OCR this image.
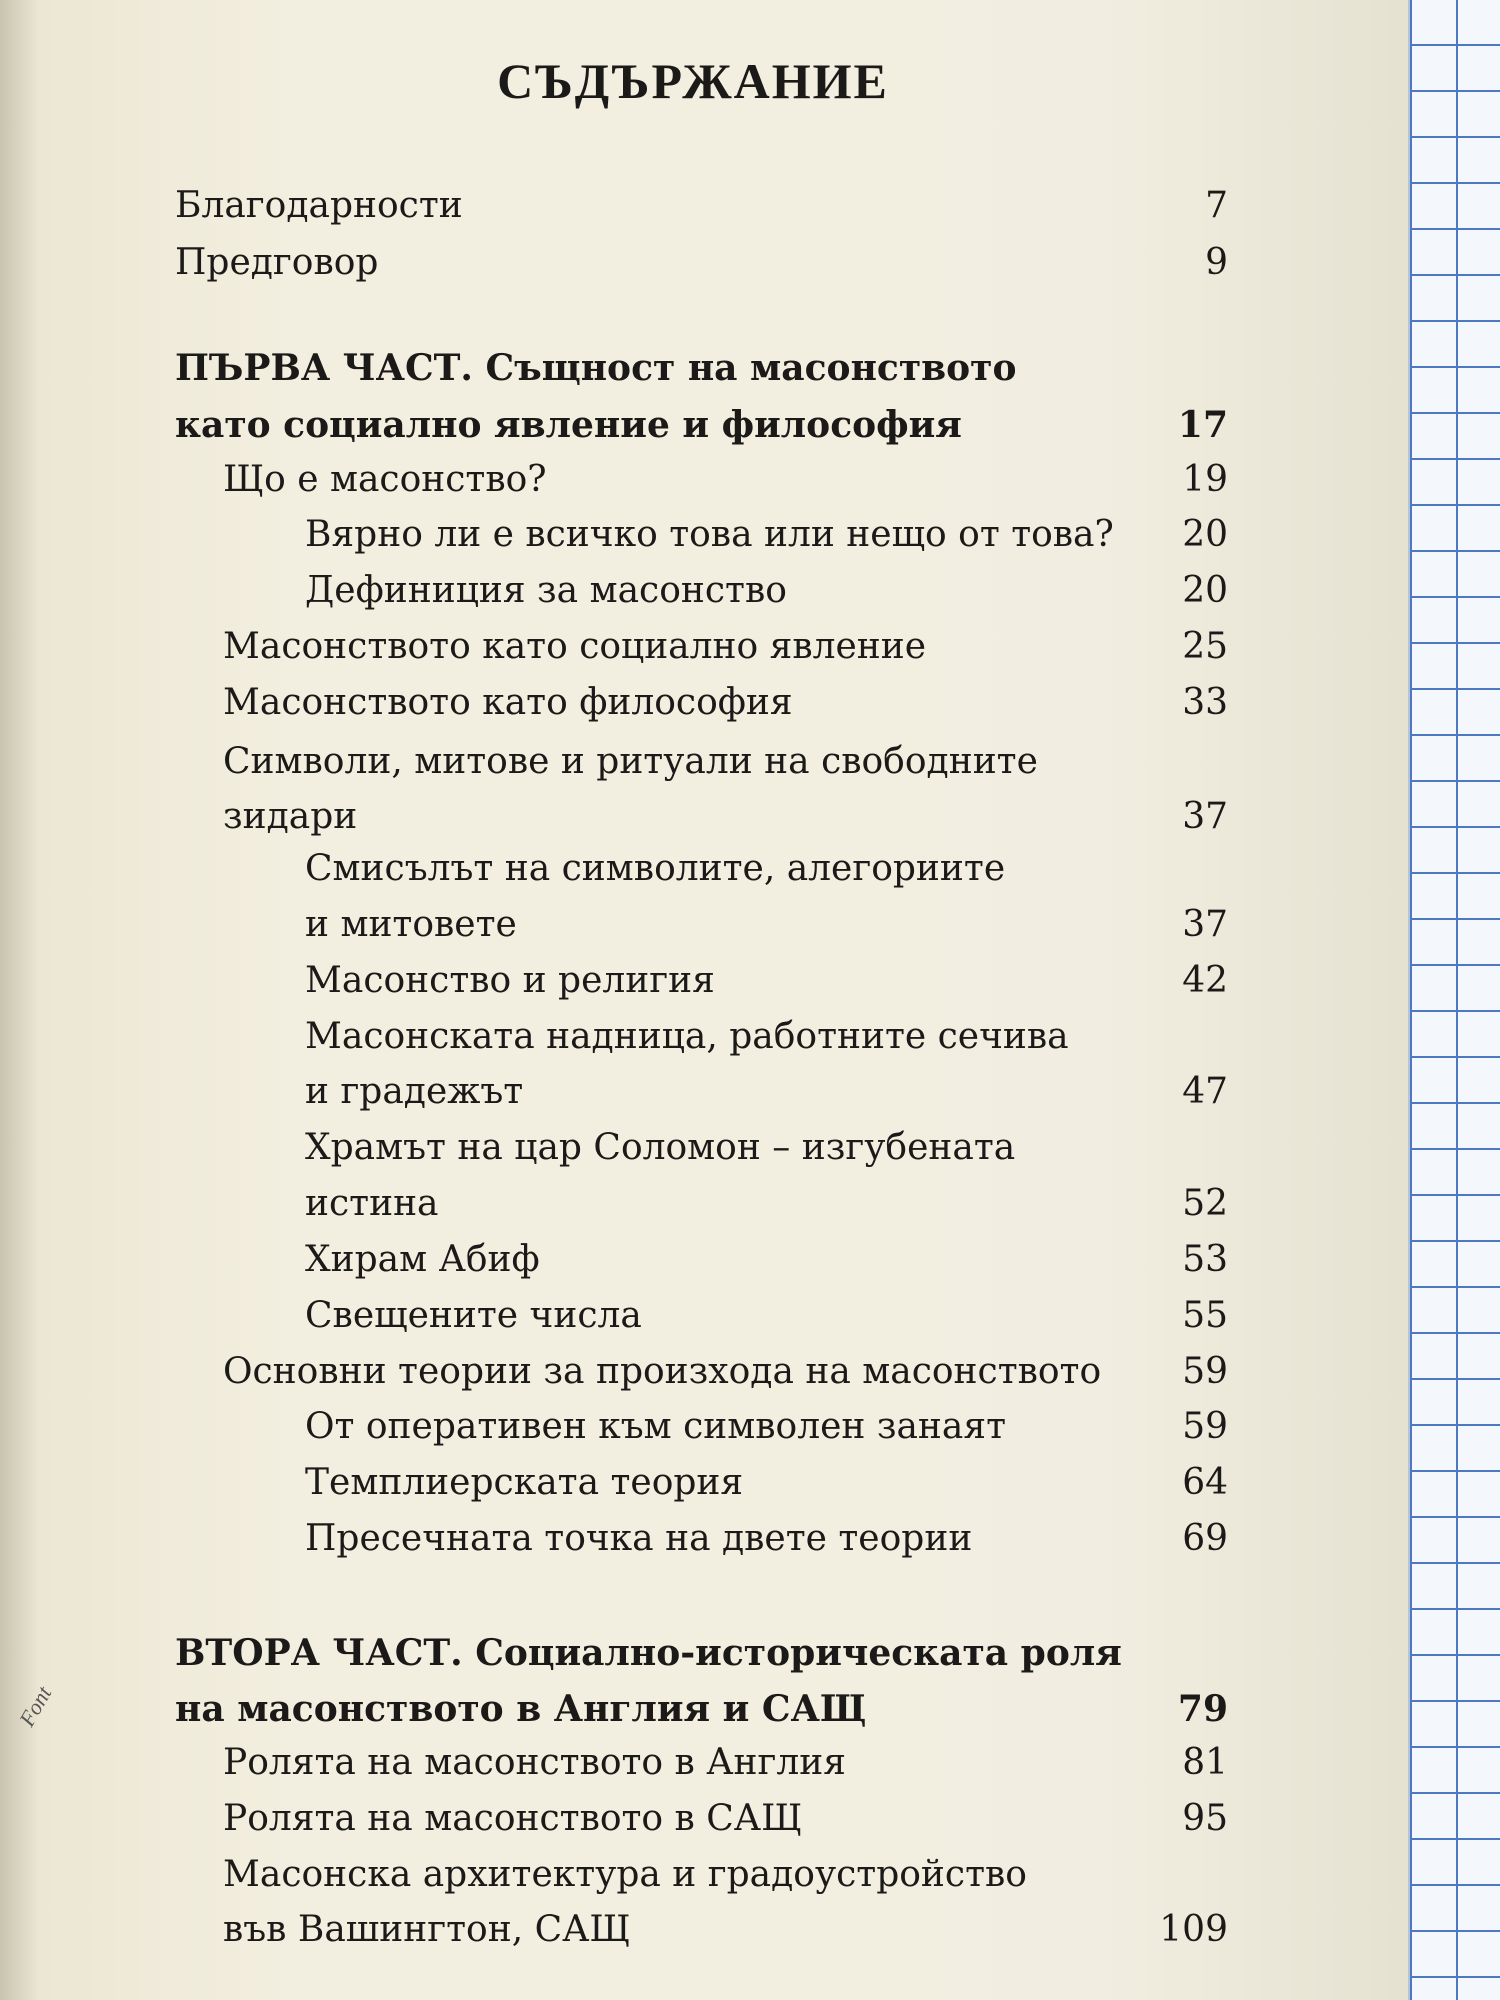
Font
СЪДЪРЖАНИЕ
Благодарности	7
Предговор	9
ПЪРВА ЧАСТ. Същност на масонството
като социално явление и философия	17
Що е масонство?	19
Вярно ли е всичко това или нещо от това?	20
Дефиниция за масонство	20
Масонството като социално явление	25
Масонството като философия	33
Символи, митове и ритуали на свободните
зидари	37
Смисълът на символите, алегориите
и митовете	37
Масонство и религия	42
Масонската надница, работните сечива
и градежът	47
Храмът на цар Соломон – изгубената
истина	52
Хирам Абиф	53
Свещените числа	55
Основни теории за произхода на масонството	59
От оперативен към символен занаят	59
Темплиерската теория	64
Пресечната точка на двете теории	69
ВТОРА ЧАСТ. Социално-историческата роля
на масонството в Англия и САЩ	79
Ролята на масонството в Англия	81
Ролята на масонството в САЩ	95
Масонска архитектура и градоустройство
във Вашингтон, САЩ	109
